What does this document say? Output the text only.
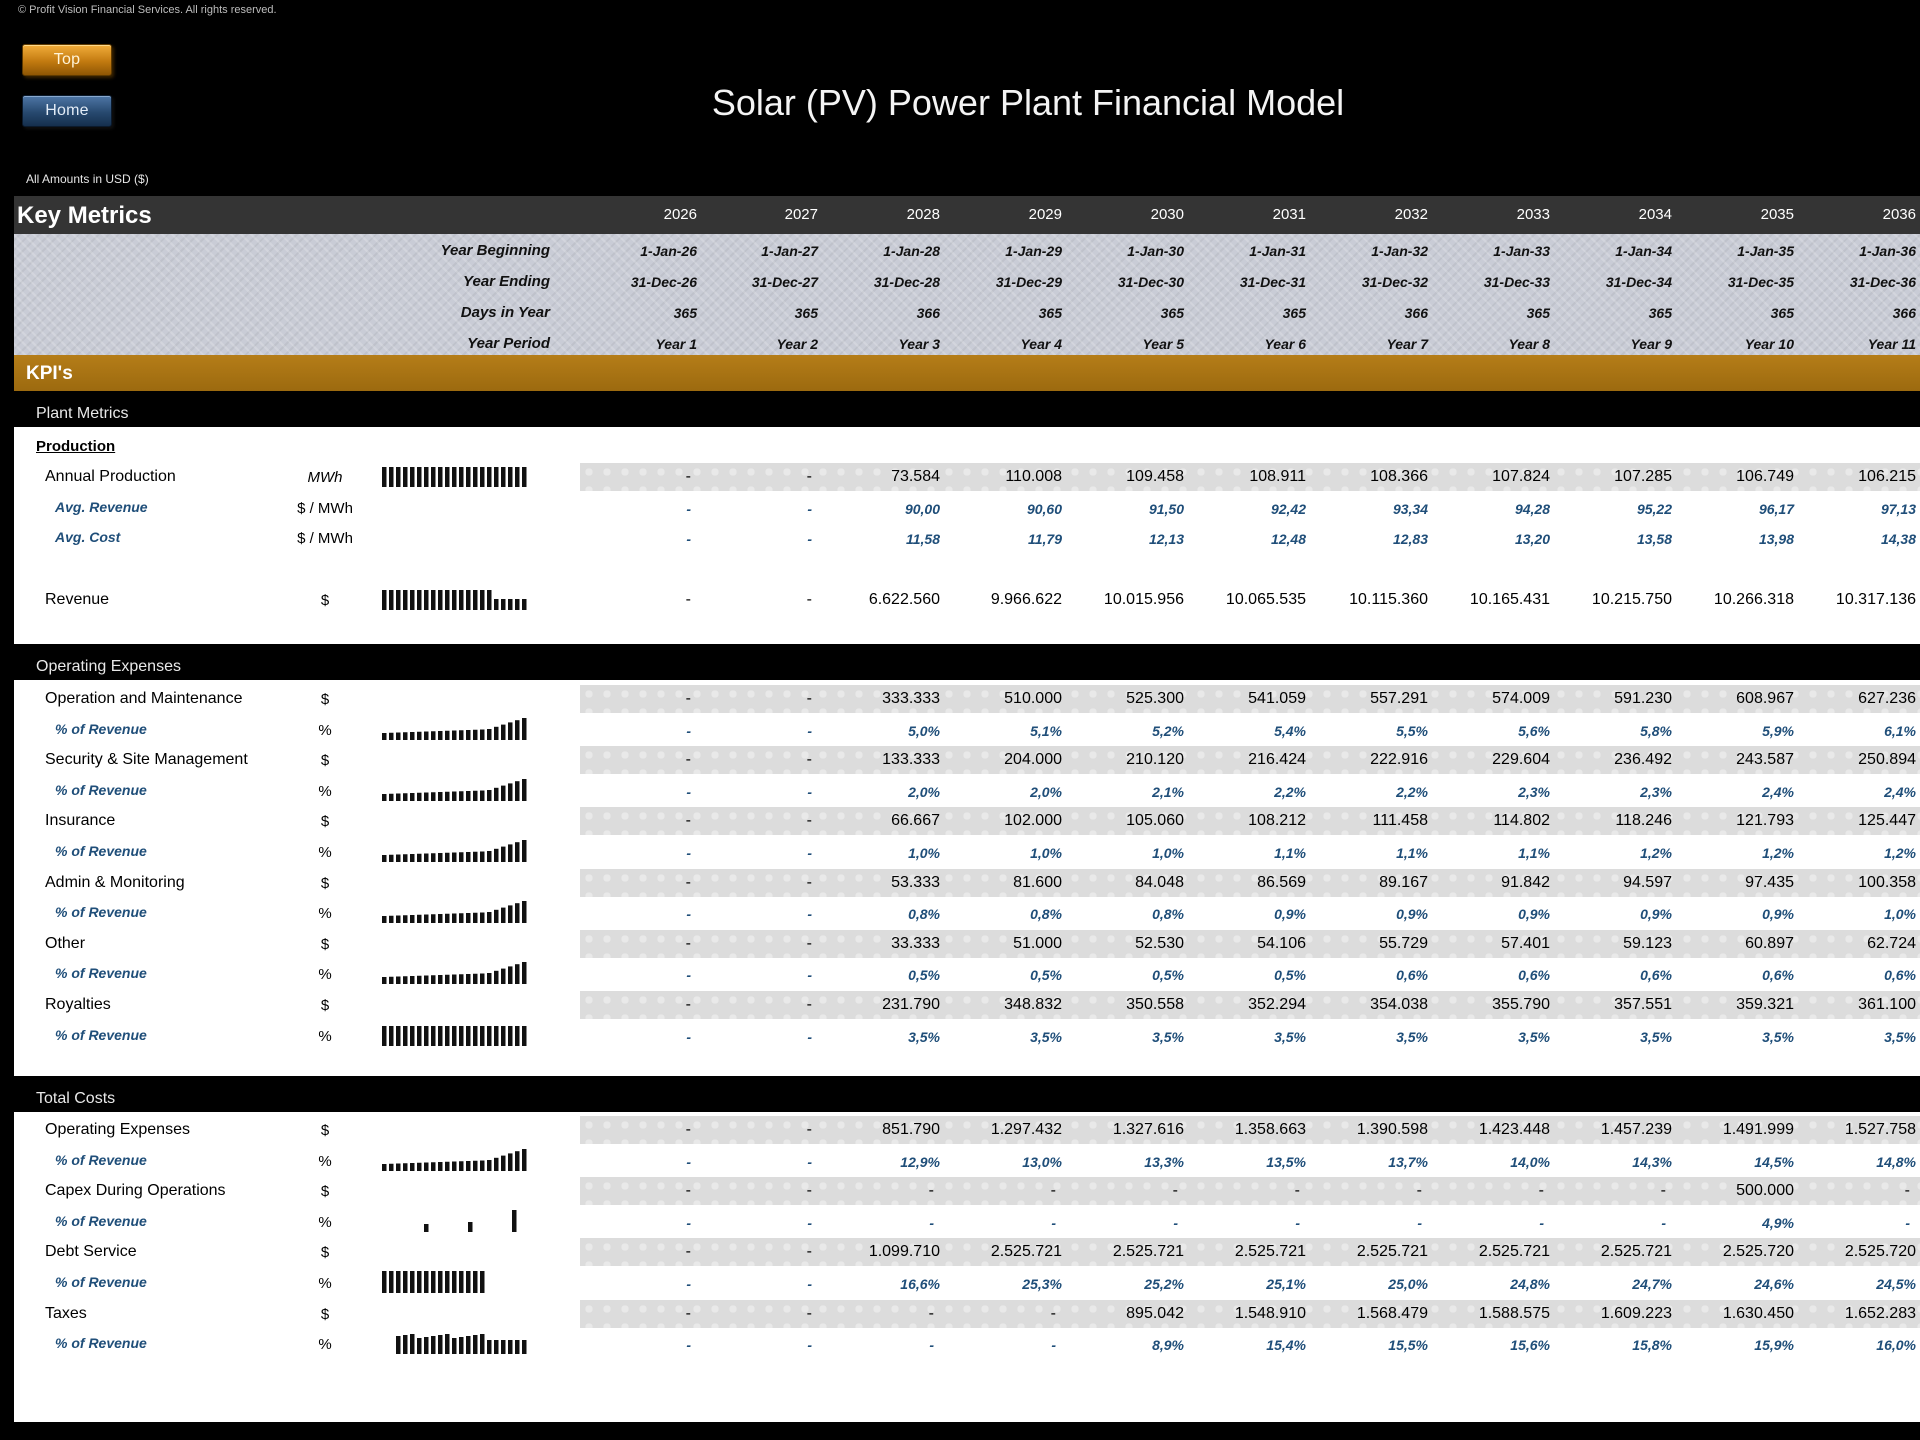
© Profit Vision Financial Services. All rights reserved.
Top
Home	Solar (PV) Power Plant Financial Model
All Amounts in USD ($)
Key Metrics
KPI's
2026	2027	2028	2029	2030	2031	2032	2033	2034	2035	2036
Year Beginning	1-Jan-26	1-Jan-27	1-Jan-28	1-Jan-29	1-Jan-30	1-Jan-31	1-Jan-32	1-Jan-33	1-Jan-34	1-Jan-35	1-Jan-36
Year Ending	31-Dec-26	31-Dec-27	31-Dec-28	31-Dec-29	31-Dec-30	31-Dec-31	31-Dec-32	31-Dec-33	31-Dec-34	31-Dec-35	31-Dec-36
Days in Year	365	365	366	365	365	365	366	365	365	365	366
Year Period	Year 1	Year 2	Year 3	Year 4	Year 5	Year 6	Year 7	Year 8	Year 9	Year 10	Year 11
Plant Metrics
Production
Annual Production	MWh	-	-	73.584	110.008	109.458	108.911	108.366	107.824	107.285	106.749	106.215
Avg. Revenue	$ / MWh	-	-	90,00	90,60	91,50	92,42	93,34	94,28	95,22	96,17	97,13
Avg. Cost	$ / MWh	-	-	11,58	11,79	12,13	12,48	12,83	13,20	13,58	13,98	14,38
Revenue	$	-	-	6.622.560	9.966.622	10.015.956	10.065.535	10.115.360	10.165.431	10.215.750	10.266.318	10.317.136
Operating Expenses
Operation and Maintenance	$	-	-	333.333	510.000	525.300	541.059	557.291	574.009	591.230	608.967	627.236
% of Revenue	%	-	-	5,0%	5,1%	5,2%	5,4%	5,5%	5,6%	5,8%	5,9%	6,1%
Security & Site Management	$	-	-	133.333	204.000	210.120	216.424	222.916	229.604	236.492	243.587	250.894
% of Revenue	%	-	-	2,0%	2,0%	2,1%	2,2%	2,2%	2,3%	2,3%	2,4%	2,4%
Insurance	$	-	-	66.667	102.000	105.060	108.212	111.458	114.802	118.246	121.793	125.447
% of Revenue	%	-	-	1,0%	1,0%	1,0%	1,1%	1,1%	1,1%	1,2%	1,2%	1,2%
Admin & Monitoring	$	-	-	53.333	81.600	84.048	86.569	89.167	91.842	94.597	97.435	100.358
% of Revenue	%	-	-	0,8%	0,8%	0,8%	0,9%	0,9%	0,9%	0,9%	0,9%	1,0%
Other	$	-	-	33.333	51.000	52.530	54.106	55.729	57.401	59.123	60.897	62.724
% of Revenue	%	-	-	0,5%	0,5%	0,5%	0,5%	0,6%	0,6%	0,6%	0,6%	0,6%
Royalties	$	-	-	231.790	348.832	350.558	352.294	354.038	355.790	357.551	359.321	361.100
% of Revenue	%	-	-	3,5%	3,5%	3,5%	3,5%	3,5%	3,5%	3,5%	3,5%	3,5%
Total Costs
Operating Expenses	$	-	-	851.790	1.297.432	1.327.616	1.358.663	1.390.598	1.423.448	1.457.239	1.491.999	1.527.758
% of Revenue	%	-	-	12,9%	13,0%	13,3%	13,5%	13,7%	14,0%	14,3%	14,5%	14,8%
Capex During Operations	$	-	-	-	-	-	-	-	-	-	500.000	-
% of Revenue	%	-	-	-	-	-	-	-	-	-	4,9%	-
Debt Service	$	-	-	1.099.710	2.525.721	2.525.721	2.525.721	2.525.721	2.525.721	2.525.721	2.525.720	2.525.720
% of Revenue	%	-	-	16,6%	25,3%	25,2%	25,1%	25,0%	24,8%	24,7%	24,6%	24,5%
Taxes	$	-	-	-	-	895.042	1.548.910	1.568.479	1.588.575	1.609.223	1.630.450	1.652.283
% of Revenue	%	-	-	-	-	8,9%	15,4%	15,5%	15,6%	15,8%	15,9%	16,0%
